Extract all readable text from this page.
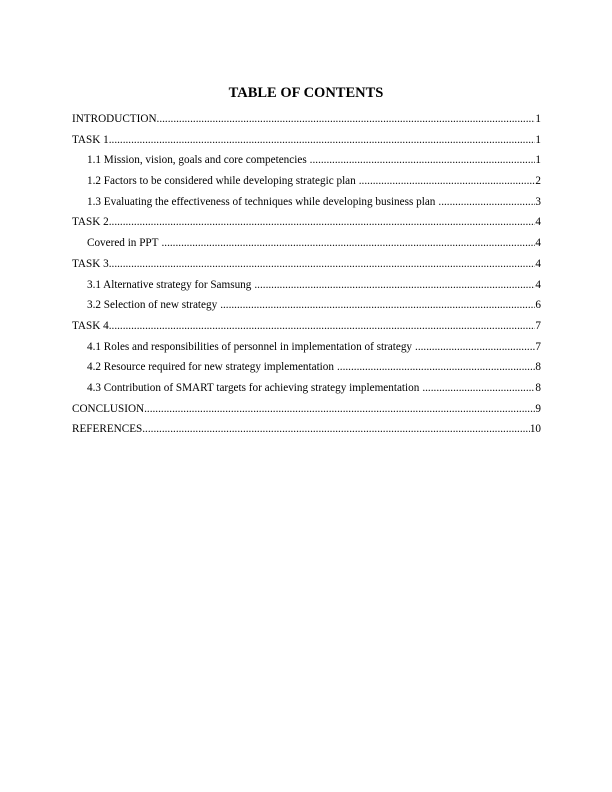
TABLE OF CONTENTS
INTRODUCTION .....	1
TASK 1 .....	1
1.1 Mission, vision, goals and core competencies .....	1
1.2 Factors to be considered while developing strategic plan .....	2
1.3 Evaluating the effectiveness of techniques while developing business plan .....	3
TASK 2 .....	4
Covered in PPT .....	4
TASK 3 .....	4
3.1 Alternative strategy for Samsung .....	4
3.2 Selection of new strategy .....	6
TASK 4 .....	7
4.1 Roles and responsibilities of personnel in implementation of strategy .....	7
4.2 Resource required for new strategy implementation .....	8
4.3 Contribution of SMART targets for achieving strategy implementation .....	8
CONCLUSION .....	9
REFERENCES .....	10
